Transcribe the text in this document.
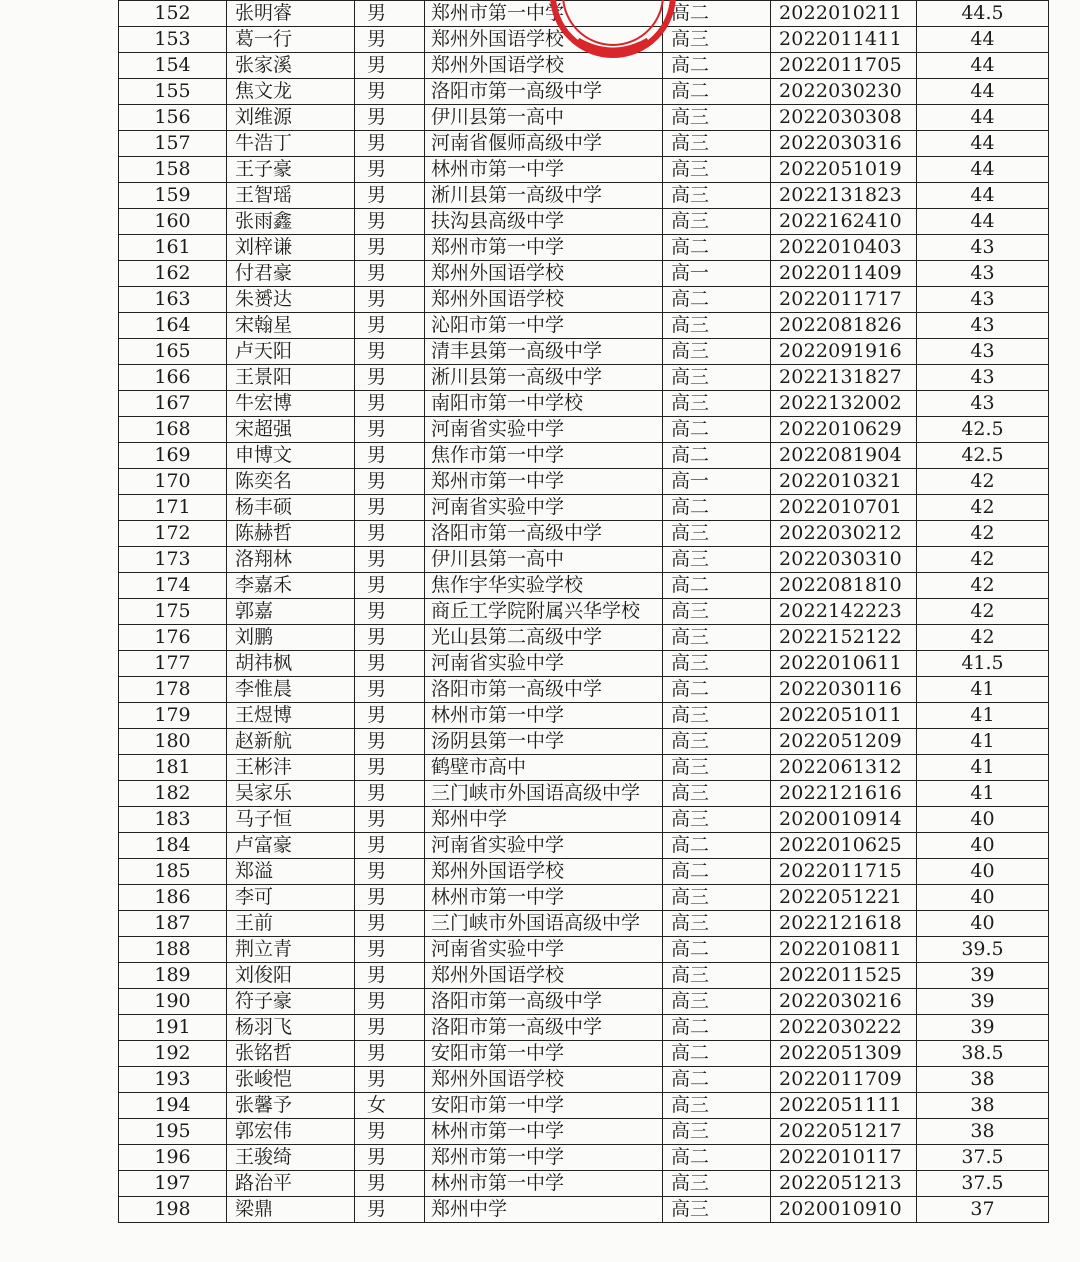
152	张明睿	男	郑州市第一中学	高二	2022010211	44.5
153	葛一行	男	郑州外国语学校	高三	2022011411	44
154	张家溪	男	郑州外国语学校	高二	2022011705	44
155	焦文龙	男	洛阳市第一高级中学	高二	2022030230	44
156	刘维源	男	伊川县第一高中	高三	2022030308	44
157	牛浩丁	男	河南省偃师高级中学	高三	2022030316	44
158	王子豪	男	林州市第一中学	高三	2022051019	44
159	王智瑶	男	淅川县第一高级中学	高三	2022131823	44
160	张雨鑫	男	扶沟县高级中学	高三	2022162410	44
161	刘梓谦	男	郑州市第一中学	高二	2022010403	43
162	付君豪	男	郑州外国语学校	高一	2022011409	43
163	朱赟达	男	郑州外国语学校	高二	2022011717	43
164	宋翰星	男	沁阳市第一中学	高三	2022081826	43
165	卢天阳	男	清丰县第一高级中学	高三	2022091916	43
166	王景阳	男	淅川县第一高级中学	高三	2022131827	43
167	牛宏博	男	南阳市第一中学校	高三	2022132002	43
168	宋超强	男	河南省实验中学	高二	2022010629	42.5
169	申博文	男	焦作市第一中学	高二	2022081904	42.5
170	陈奕名	男	郑州市第一中学	高一	2022010321	42
171	杨丰硕	男	河南省实验中学	高二	2022010701	42
172	陈赫哲	男	洛阳市第一高级中学	高三	2022030212	42
173	洛翔林	男	伊川县第一高中	高三	2022030310	42
174	李嘉禾	男	焦作宇华实验学校	高二	2022081810	42
175	郭嘉	男	商丘工学院附属兴华学校	高三	2022142223	42
176	刘鹏	男	光山县第二高级中学	高三	2022152122	42
177	胡祎枫	男	河南省实验中学	高三	2022010611	41.5
178	李惟晨	男	洛阳市第一高级中学	高二	2022030116	41
179	王煜博	男	林州市第一中学	高三	2022051011	41
180	赵新航	男	汤阴县第一中学	高三	2022051209	41
181	王彬沣	男	鹤壁市高中	高三	2022061312	41
182	吴家乐	男	三门峡市外国语高级中学	高三	2022121616	41
183	马子恒	男	郑州中学	高三	2020010914	40
184	卢富豪	男	河南省实验中学	高二	2022010625	40
185	郑溢	男	郑州外国语学校	高二	2022011715	40
186	李可	男	林州市第一中学	高三	2022051221	40
187	王前	男	三门峡市外国语高级中学	高三	2022121618	40
188	荆立青	男	河南省实验中学	高二	2022010811	39.5
189	刘俊阳	男	郑州外国语学校	高三	2022011525	39
190	符子豪	男	洛阳市第一高级中学	高三	2022030216	39
191	杨羽飞	男	洛阳市第一高级中学	高二	2022030222	39
192	张铭哲	男	安阳市第一中学	高二	2022051309	38.5
193	张峻恺	男	郑州外国语学校	高二	2022011709	38
194	张馨予	女	安阳市第一中学	高三	2022051111	38
195	郭宏伟	男	林州市第一中学	高三	2022051217	38
196	王骏绮	男	郑州市第一中学	高二	2022010117	37.5
197	路治平	男	林州市第一中学	高三	2022051213	37.5
198	梁鼎	男	郑州中学	高三	2020010910	37
